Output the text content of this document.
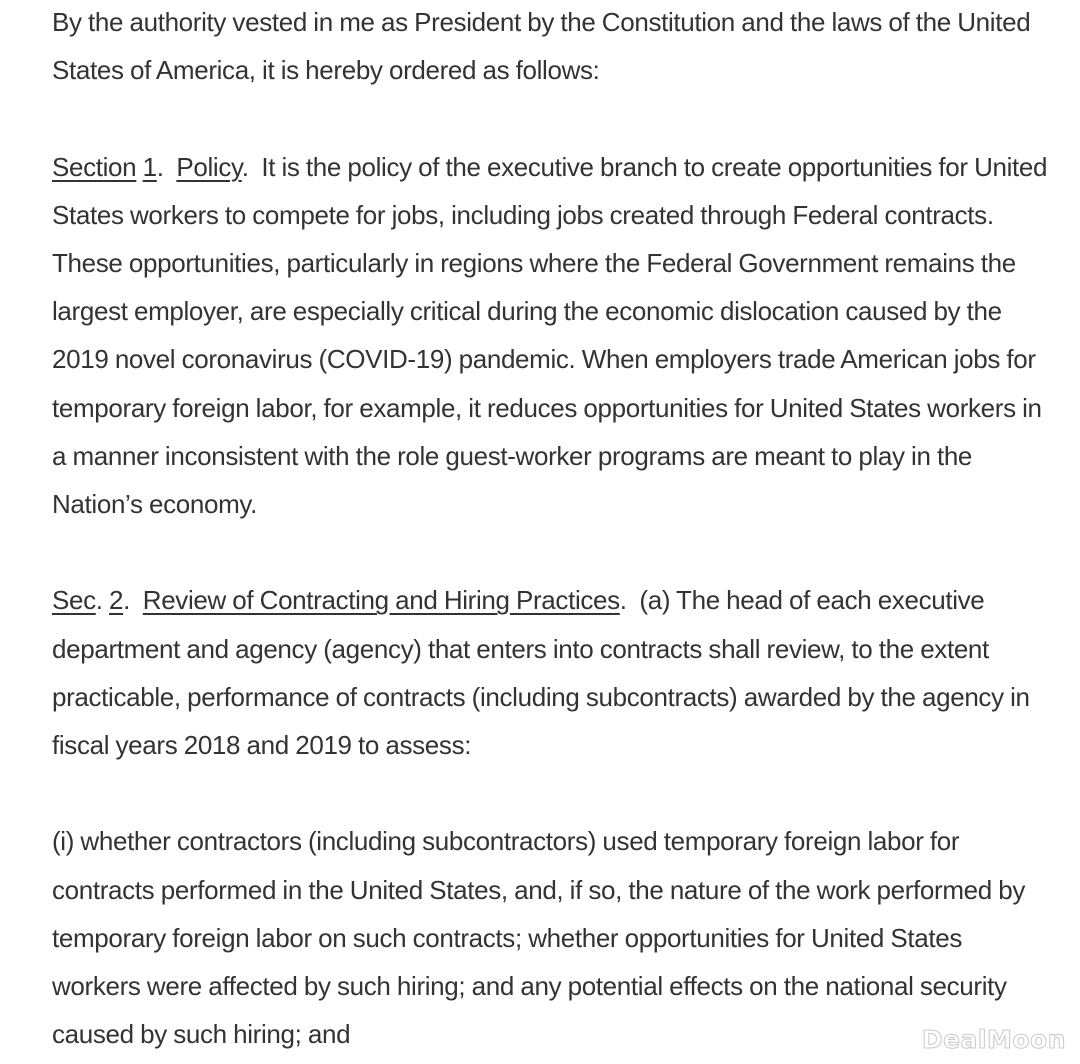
By the authority vested in me as President by the Constitution and the laws of the United States of America, it is hereby ordered as follows:

Section 1.  Policy.  It is the policy of the executive branch to create opportunities for United States workers to compete for jobs, including jobs created through Federal contracts. These opportunities, particularly in regions where the Federal Government remains the largest employer, are especially critical during the economic dislocation caused by the 2019 novel coronavirus (COVID-19) pandemic. When employers trade American jobs for temporary foreign labor, for example, it reduces opportunities for United States workers in a manner inconsistent with the role guest-worker programs are meant to play in the Nation’s economy.

Sec. 2.  Review of Contracting and Hiring Practices.  (a) The head of each executive department and agency (agency) that enters into contracts shall review, to the extent practicable, performance of contracts (including subcontracts) awarded by the agency in fiscal years 2018 and 2019 to assess:

(i) whether contractors (including subcontractors) used temporary foreign labor for contracts performed in the United States, and, if so, the nature of the work performed by temporary foreign labor on such contracts; whether opportunities for United States workers were affected by such hiring; and any potential effects on the national security caused by such hiring; and	DealMoon
